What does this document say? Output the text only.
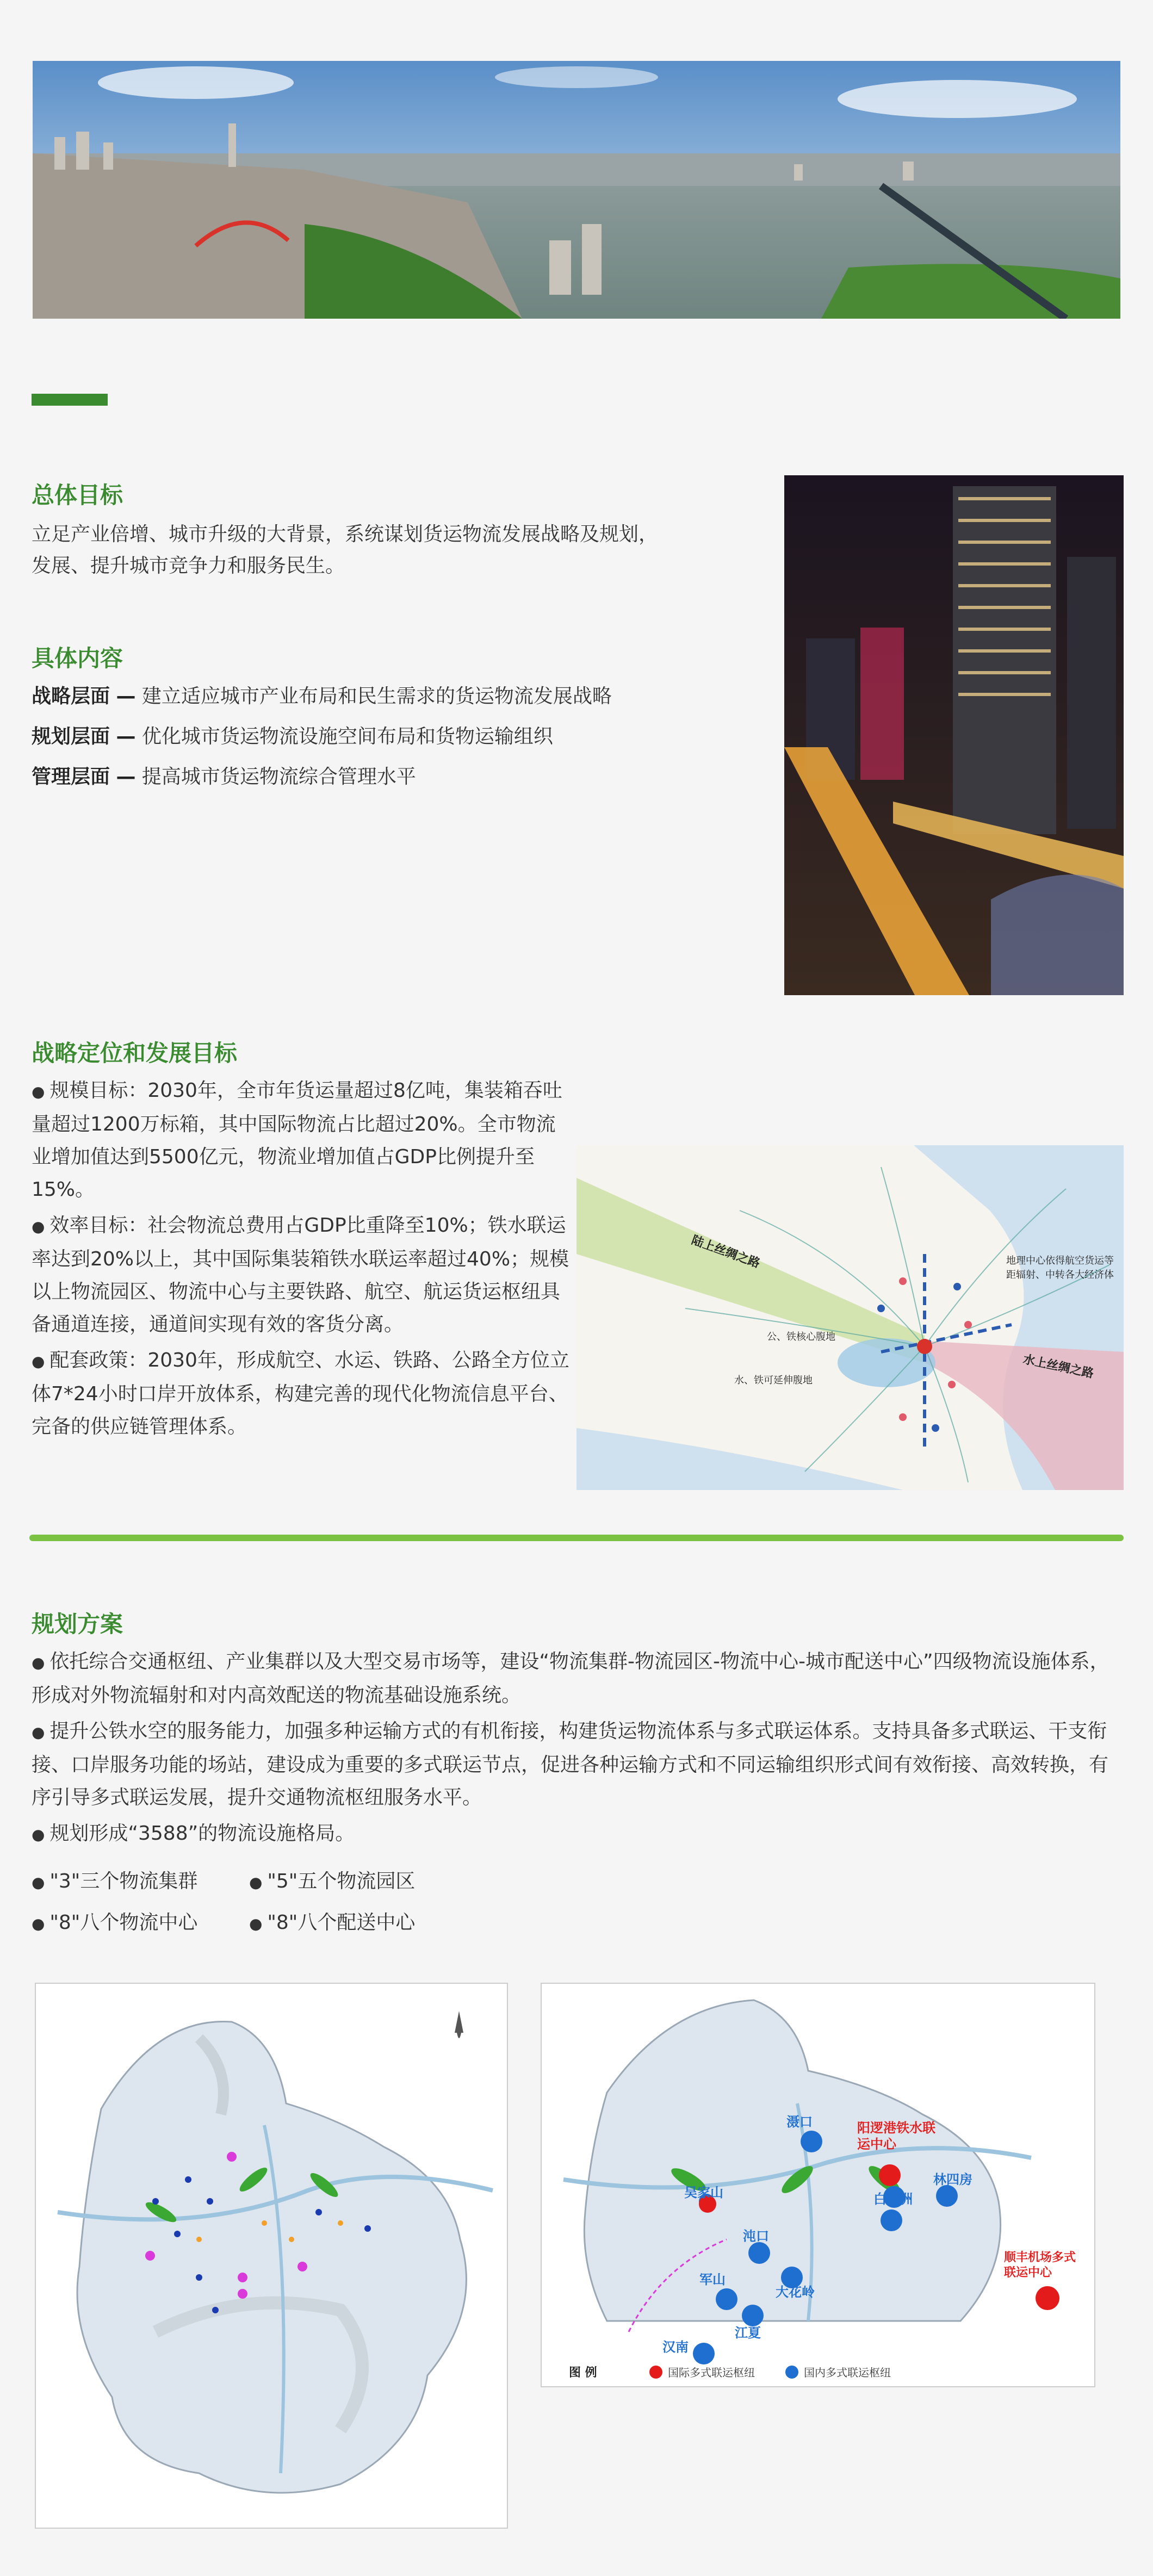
总体目标
立足产业倍增、城市升级的大背景，系统谋划货运物流发展战略及规划，发展、提升城市竞争力和服务民生。
具体内容
战略层面 — 建立适应城市产业布局和民生需求的货运物流发展战略
规划层面 — 优化城市货运物流设施空间布局和货物运输组织
管理层面 — 提高城市货运物流综合管理水平
战略定位和发展目标
● 规模目标：2030年，全市年货运量超过8亿吨，集装箱吞吐量超过1200万标箱，其中国际物流占比超过20%。全市物流业增加值达到5500亿元，物流业增加值占GDP比例提升至15%。
● 效率目标：社会物流总费用占GDP比重降至10%；铁水联运率达到20%以上，其中国际集装箱铁水联运率超过40%；规模以上物流园区、物流中心与主要铁路、航空、航运货运枢纽具备通道连接，通道间实现有效的客货分离。
● 配套政策：2030年，形成航空、水运、铁路、公路全方位立体7*24小时口岸开放体系，构建完善的现代化物流信息平台、完备的供应链管理体系。
陆上丝绸之路
水上丝绸之路
地理中心依得航空货运等距辐射、中转各大经济体
公、铁核心腹地
水、铁可延伸腹地
规划方案
● 依托综合交通枢纽、产业集群以及大型交易市场等，建设“物流集群-物流园区-物流中心-城市配送中心”四级物流设施体系，形成对外物流辐射和对内高效配送的物流基础设施系统。
● 提升公铁水空的服务能力，加强多种运输方式的有机衔接，构建货运物流体系与多式联运体系。支持具备多式联运、干支衔接、口岸服务功能的场站，建设成为重要的多式联运节点，促进各种运输方式和不同运输组织形式间有效衔接、高效转换，有序引导多式联运发展，提升交通物流枢纽服务水平。
● 规划形成“3588”的物流设施格局。
● "3"三个物流集群	● "5"五个物流园区
● "8"八个物流中心	● "8"八个配送中心
滠口
林四房
吴家山	白沙洲
沌口
大花岭
军山
江夏
汉南
阳逻港铁水联运中心
顺丰机场多式联运中心
图 例	国际多式联运枢纽	国内多式联运枢纽
